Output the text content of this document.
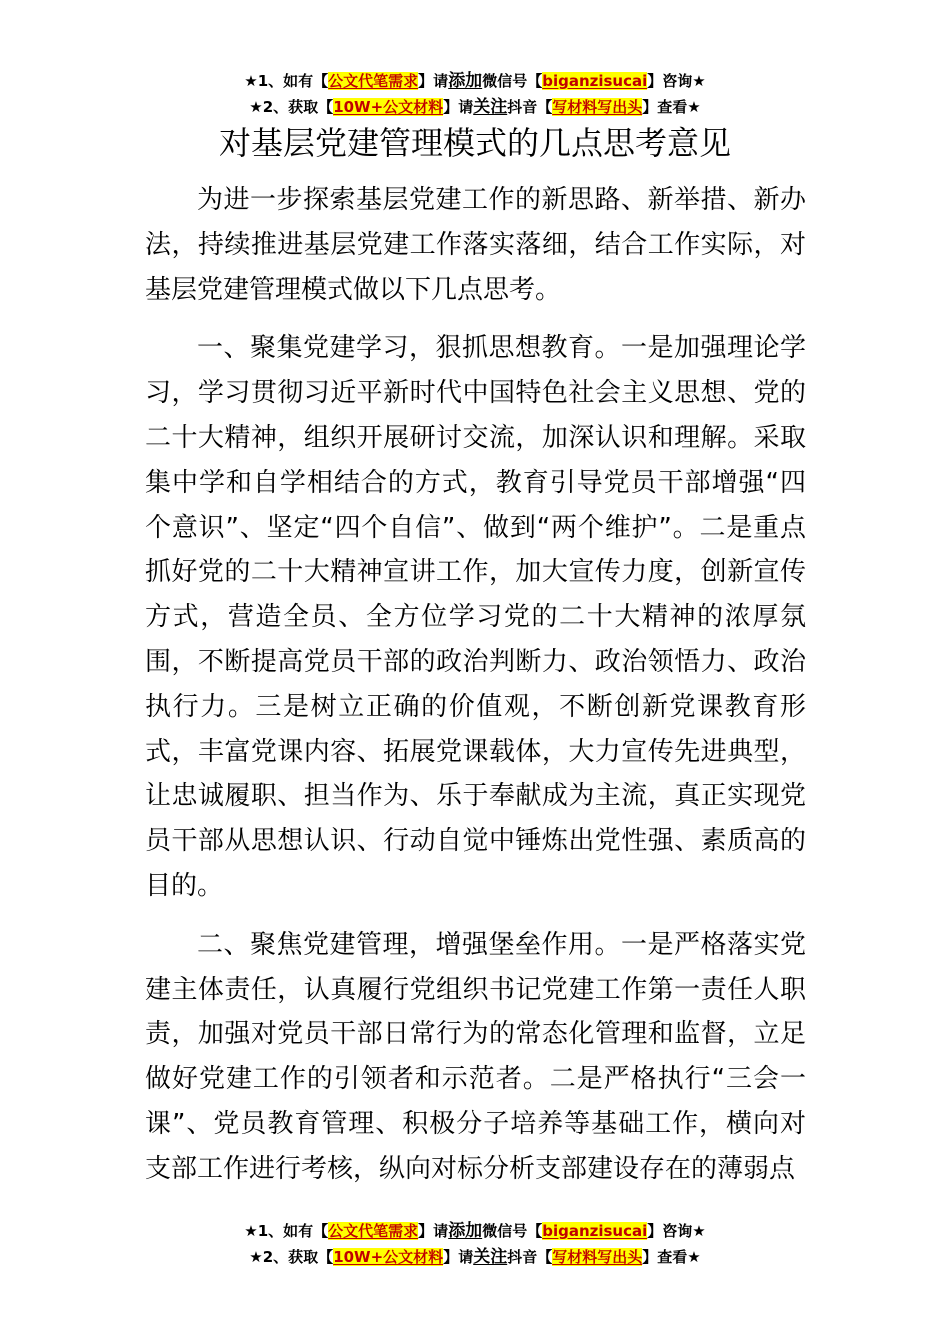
★1、如有【公文代笔需求】请添加微信号【biganzisucai】咨询★
★2、获取【10W+公文材料】请关注抖音【写材料写出头】查看★
对基层党建管理模式的几点思考意见

为进一步探索基层党建工作的新思路、新举措、新办法，持续推进基层党建工作落实落细，结合工作实际，对基层党建管理模式做以下几点思考。

一、聚集党建学习，狠抓思想教育。一是加强理论学习，学习贯彻习近平新时代中国特色社会主义思想、党的二十大精神，组织开展研讨交流，加深认识和理解。采取集中学和自学相结合的方式，教育引导党员干部增强“四个意识”、坚定“四个自信”、做到“两个维护”。二是重点抓好党的二十大精神宣讲工作，加大宣传力度，创新宣传方式，营造全员、全方位学习党的二十大精神的浓厚氛围，不断提高党员干部的政治判断力、政治领悟力、政治执行力。三是树立正确的价值观，不断创新党课教育形式，丰富党课内容、拓展党课载体，大力宣传先进典型，让忠诚履职、担当作为、乐于奉献成为主流，真正实现党员干部从思想认识、行动自觉中锤炼出党性强、素质高的目的。

二、聚焦党建管理，增强堡垒作用。一是严格落实党建主体责任，认真履行党组织书记党建工作第一责任人职责，加强对党员干部日常行为的常态化管理和监督，立足做好党建工作的引领者和示范者。二是严格执行“三会一课”、党员教育管理、积极分子培养等基础工作，横向对支部工作进行考核，纵向对标分析支部建设存在的薄弱点

★1、如有【公文代笔需求】请添加微信号【biganzisucai】咨询★
★2、获取【10W+公文材料】请关注抖音【写材料写出头】查看★
